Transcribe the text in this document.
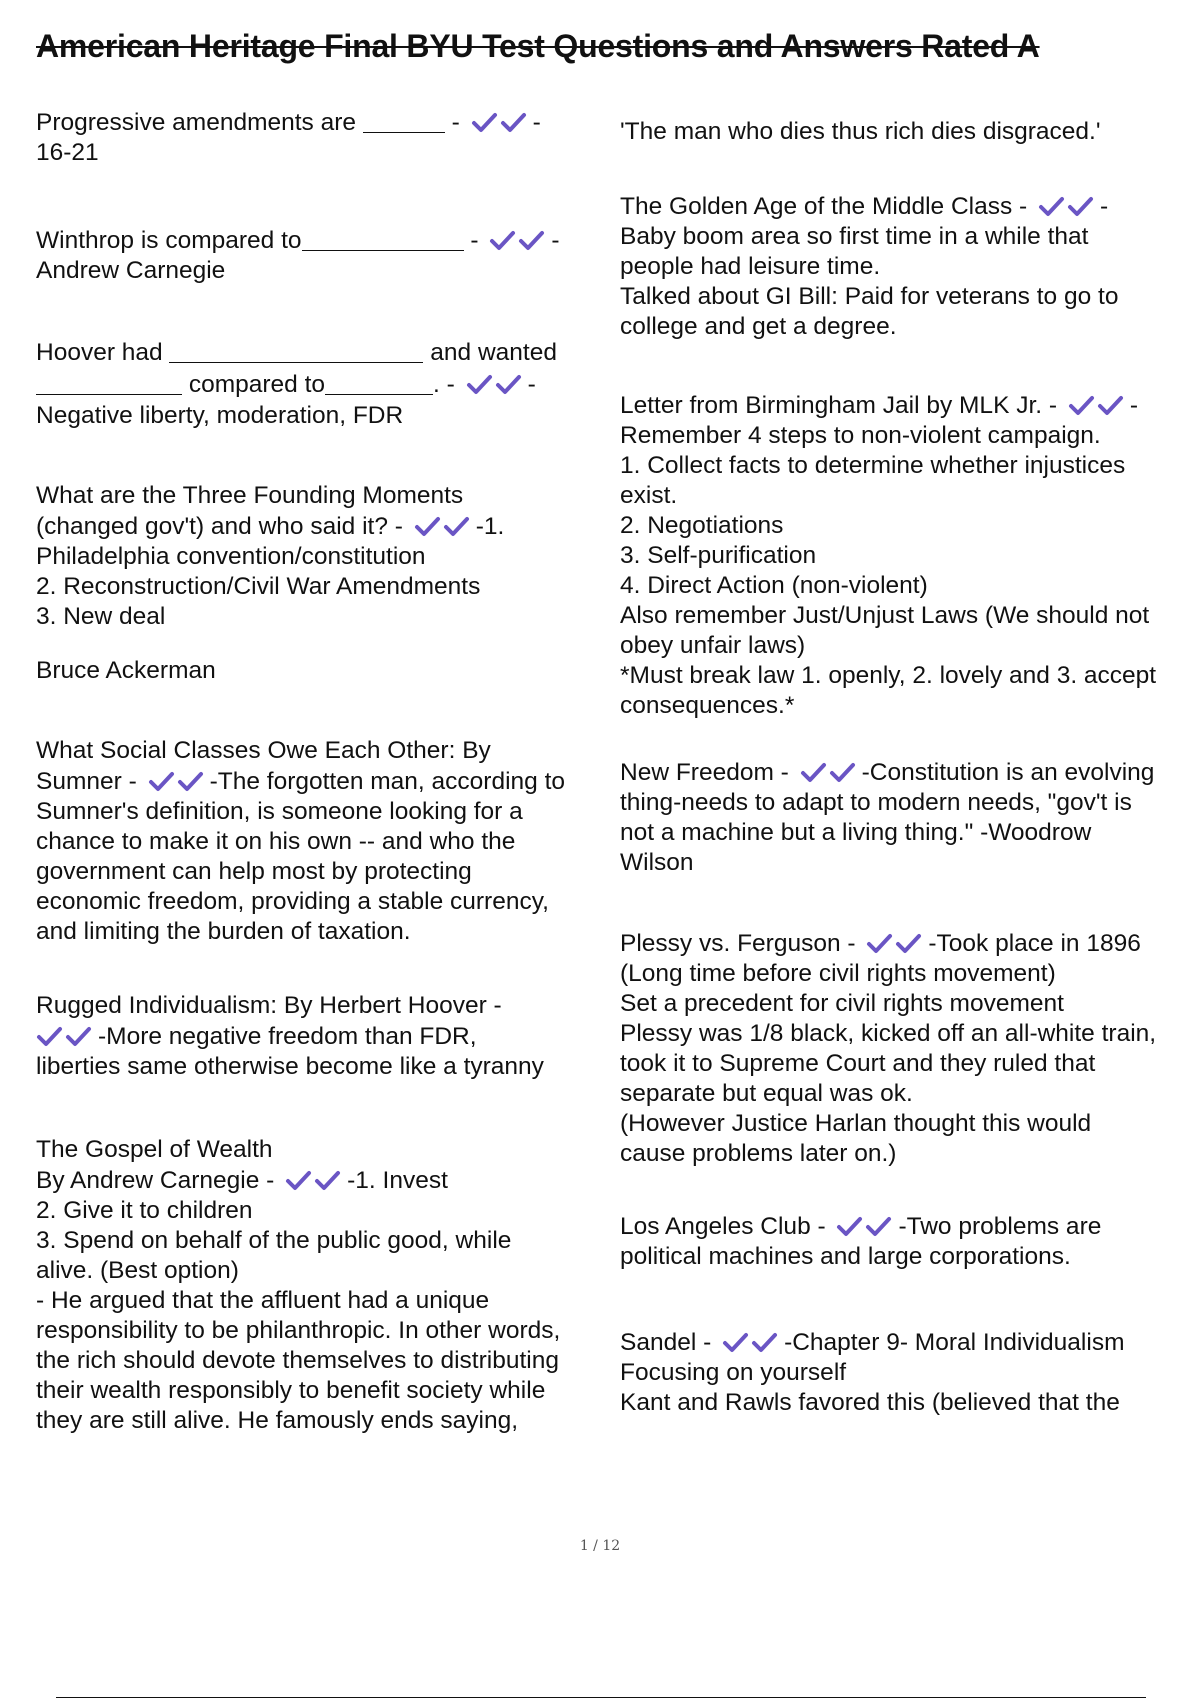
American Heritage Final BYU Test Questions and Answers Rated A
Progressive amendments are	-	-
16-21
Winthrop is compared to	-	-
Andrew Carnegie
Hoover had	and wanted
compared to	. -	-
Negative liberty, moderation, FDR
What are the Three Founding Moments
(changed gov't) and who said it? -	-1.
Philadelphia convention/constitution
2. Reconstruction/Civil War Amendments
3. New deal
Bruce Ackerman
What Social Classes Owe Each Other: By
Sumner -	-The forgotten man, according to
Sumner's definition, is someone looking for a
chance to make it on his own -- and who the
government can help most by protecting
economic freedom, providing a stable currency,
and limiting the burden of taxation.
Rugged Individualism: By Herbert Hoover -
-More negative freedom than FDR,
liberties same otherwise become like a tyranny
The Gospel of Wealth
By Andrew Carnegie -	-1. Invest
2. Give it to children
3. Spend on behalf of the public good, while
alive. (Best option)
- He argued that the affluent had a unique
responsibility to be philanthropic. In other words,
the rich should devote themselves to distributing
their wealth responsibly to benefit society while
they are still alive. He famously ends saying,
'The man who dies thus rich dies disgraced.'
The Golden Age of the Middle Class -	-
Baby boom area so first time in a while that
people had leisure time.
Talked about GI Bill: Paid for veterans to go to
college and get a degree.
Letter from Birmingham Jail by MLK Jr. -	-
Remember 4 steps to non-violent campaign.
1. Collect facts to determine whether injustices
exist.
2. Negotiations
3. Self-purification
4. Direct Action (non-violent)
Also remember Just/Unjust Laws (We should not
obey unfair laws)
*Must break law 1. openly, 2. lovely and 3. accept
consequences.*
New Freedom -	-Constitution is an evolving
thing-needs to adapt to modern needs, "gov't is
not a machine but a living thing." -Woodrow
Wilson
Plessy vs. Ferguson -	-Took place in 1896
(Long time before civil rights movement)
Set a precedent for civil rights movement
Plessy was 1/8 black, kicked off an all-white train,
took it to Supreme Court and they ruled that
separate but equal was ok.
(However Justice Harlan thought this would
cause problems later on.)
Los Angeles Club -	-Two problems are
political machines and large corporations.
Sandel -	-Chapter 9- Moral Individualism
Focusing on yourself
Kant and Rawls favored this (believed that the
1 / 12
